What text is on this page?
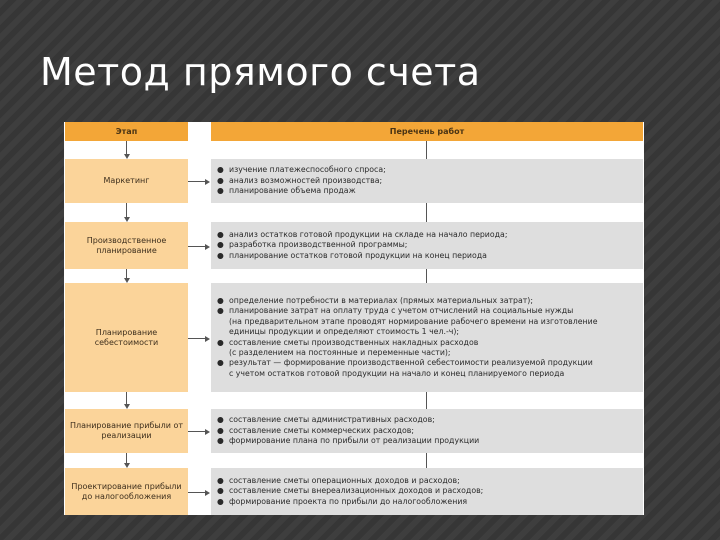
Метод прямого счета
Этап	Перечень работ
Маркетинг
● изучение платежеспособного спроса;
● анализ возможностей производства;
● планирование объема продаж
Производственное планирование
● анализ остатков готовой продукции на складе на начало периода;
● разработка производственной программы;
● планирование остатков готовой продукции на конец периода
Планирование себестоимости
● определение потребности в материалах (прямых материальных затрат);
● планирование затрат на оплату труда с учетом отчислений на социальные нужды
(на предварительном этапе проводят нормирование рабочего времени на изготовление
единицы продукции и определяют стоимость 1 чел.-ч);
● составление сметы производственных накладных расходов
(с разделением на постоянные и переменные части);
● результат — формирование производственной себестоимости реализуемой продукции
с учетом остатков готовой продукции на начало и конец планируемого периода
Планирование прибыли от реализации
● составление сметы административных расходов;
● составление сметы коммерческих расходов;
● формирование плана по прибыли от реализации продукции
Проектирование прибыли до налогообложения
● составление сметы операционных доходов и расходов;
● составление сметы внереализационных доходов и расходов;
● формирование проекта по прибыли до налогообложения
